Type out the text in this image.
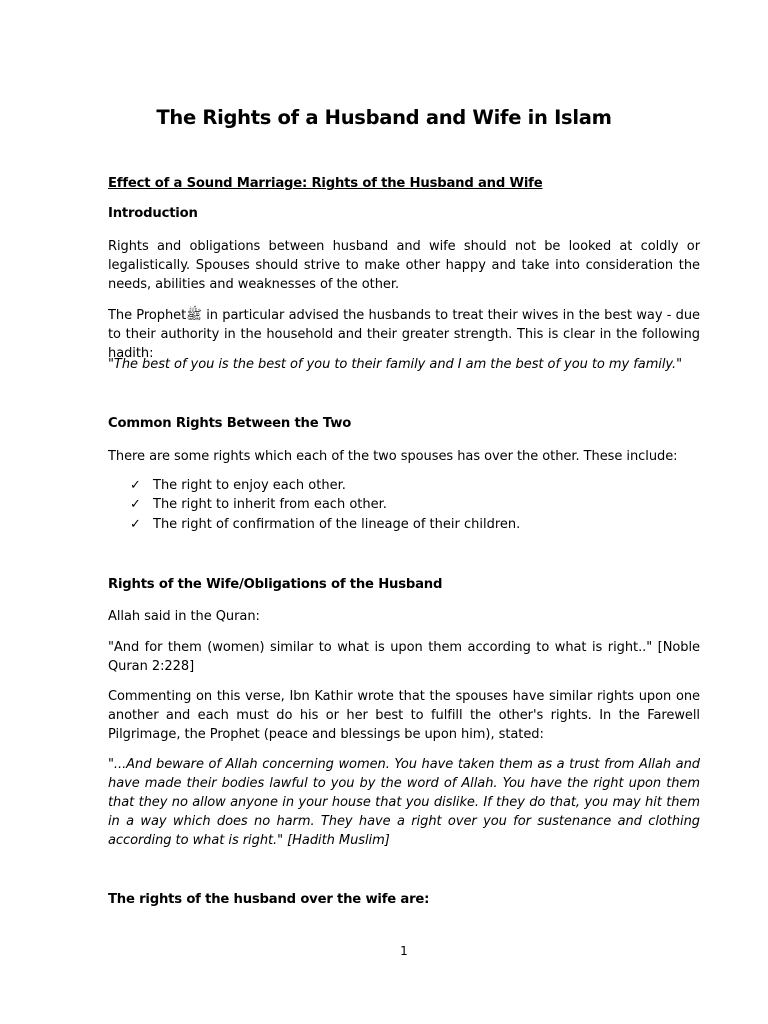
The Rights of a Husband and Wife in Islam
Effect of a Sound Marriage: Rights of the Husband and Wife
Introduction
Rights and obligations between husband and wife should not be looked at coldly or legalistically. Spouses should strive to make other happy and take into consideration the needs, abilities and weaknesses of the other.
The Prophetﷺ in particular advised the husbands to treat their wives in the best way - due to their authority in the household and their greater strength. This is clear in the following hadith:
"The best of you is the best of you to their family and I am the best of you to my family."
Common Rights Between the Two
There are some rights which each of the two spouses has over the other. These include:
✓ The right to enjoy each other.
✓ The right to inherit from each other.
✓ The right of confirmation of the lineage of their children.
Rights of the Wife/Obligations of the Husband
Allah said in the Quran:
"And for them (women) similar to what is upon them according to what is right.." [Noble Quran 2:228]
Commenting on this verse, Ibn Kathir wrote that the spouses have similar rights upon one another and each must do his or her best to fulfill the other's rights. In the Farewell Pilgrimage, the Prophet (peace and blessings be upon him), stated:
"...And beware of Allah concerning women. You have taken them as a trust from Allah and have made their bodies lawful to you by the word of Allah. You have the right upon them that they no allow anyone in your house that you dislike. If they do that, you may hit them in a way which does no harm. They have a right over you for sustenance and clothing according to what is right." [Hadith Muslim]
The rights of the husband over the wife are:
1
